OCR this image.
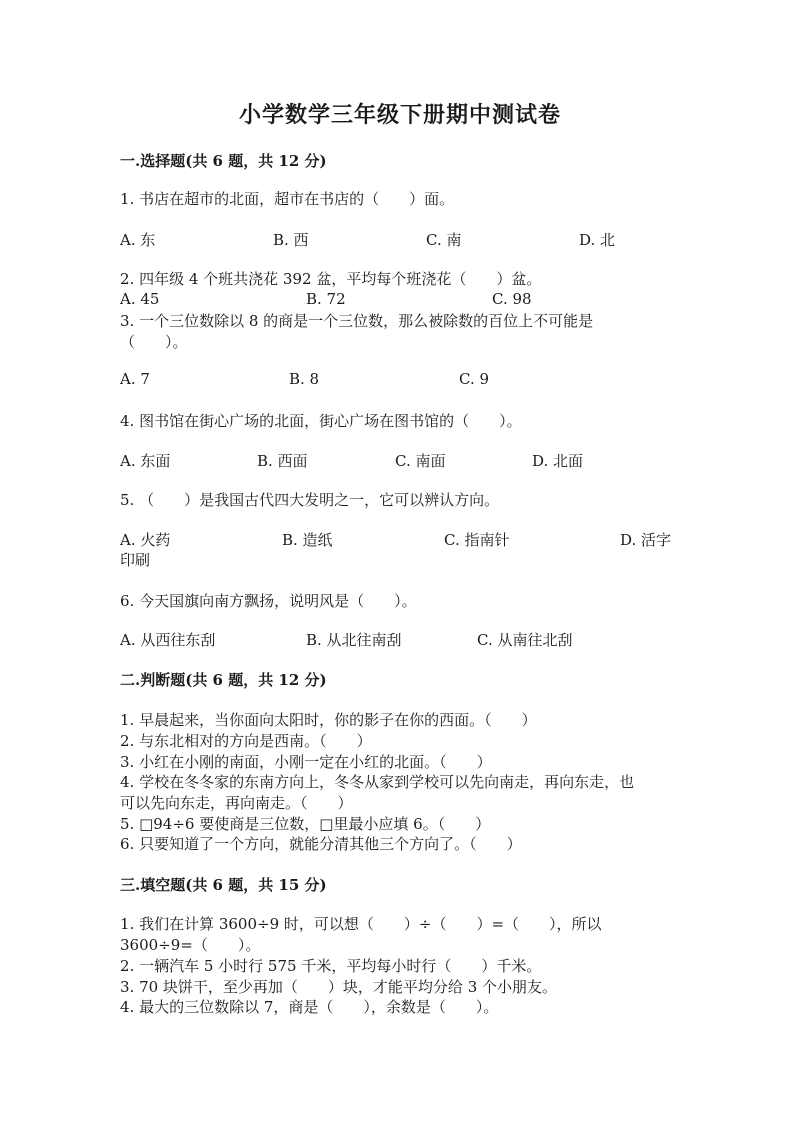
小学数学三年级下册期中测试卷
一.选择题(共 6 题，共 12 分)
1. 书店在超市的北面，超市在书店的（　　）面。
A. 东	B. 西	C. 南	D. 北
2. 四年级 4 个班共浇花 392 盆，平均每个班浇花（　　）盆。
A. 45	B. 72	C. 98
3. 一个三位数除以 8 的商是一个三位数，那么被除数的百位上不可能是
（　　）。
A. 7	B. 8	C. 9
4. 图书馆在街心广场的北面，街心广场在图书馆的（　　）。
A. 东面	B. 西面	C. 南面	D. 北面
5. （　　）是我国古代四大发明之一，它可以辨认方向。
A. 火药	B. 造纸	C. 指南针	D. 活字
印刷
6. 今天国旗向南方飘扬，说明风是（　　）。
A. 从西往东刮	B. 从北往南刮	C. 从南往北刮
二.判断题(共 6 题，共 12 分)
1. 早晨起来，当你面向太阳时，你的影子在你的西面。（　　）
2. 与东北相对的方向是西南。（　　）
3. 小红在小刚的南面，小刚一定在小红的北面。（　　）
4. 学校在冬冬家的东南方向上，冬冬从家到学校可以先向南走，再向东走，也
可以先向东走，再向南走。（　　）
5. □94÷6 要使商是三位数，□里最小应填 6。（　　）
6. 只要知道了一个方向，就能分清其他三个方向了。（　　）
三.填空题(共 6 题，共 15 分)
1. 我们在计算 3600÷9 时，可以想（　　）÷（　　）=（　　），所以
3600÷9=（　　）。
2. 一辆汽车 5 小时行 575 千米，平均每小时行（　　）千米。
3. 70 块饼干，至少再加（　　）块，才能平均分给 3 个小朋友。
4. 最大的三位数除以 7，商是（　　），余数是（　　）。
